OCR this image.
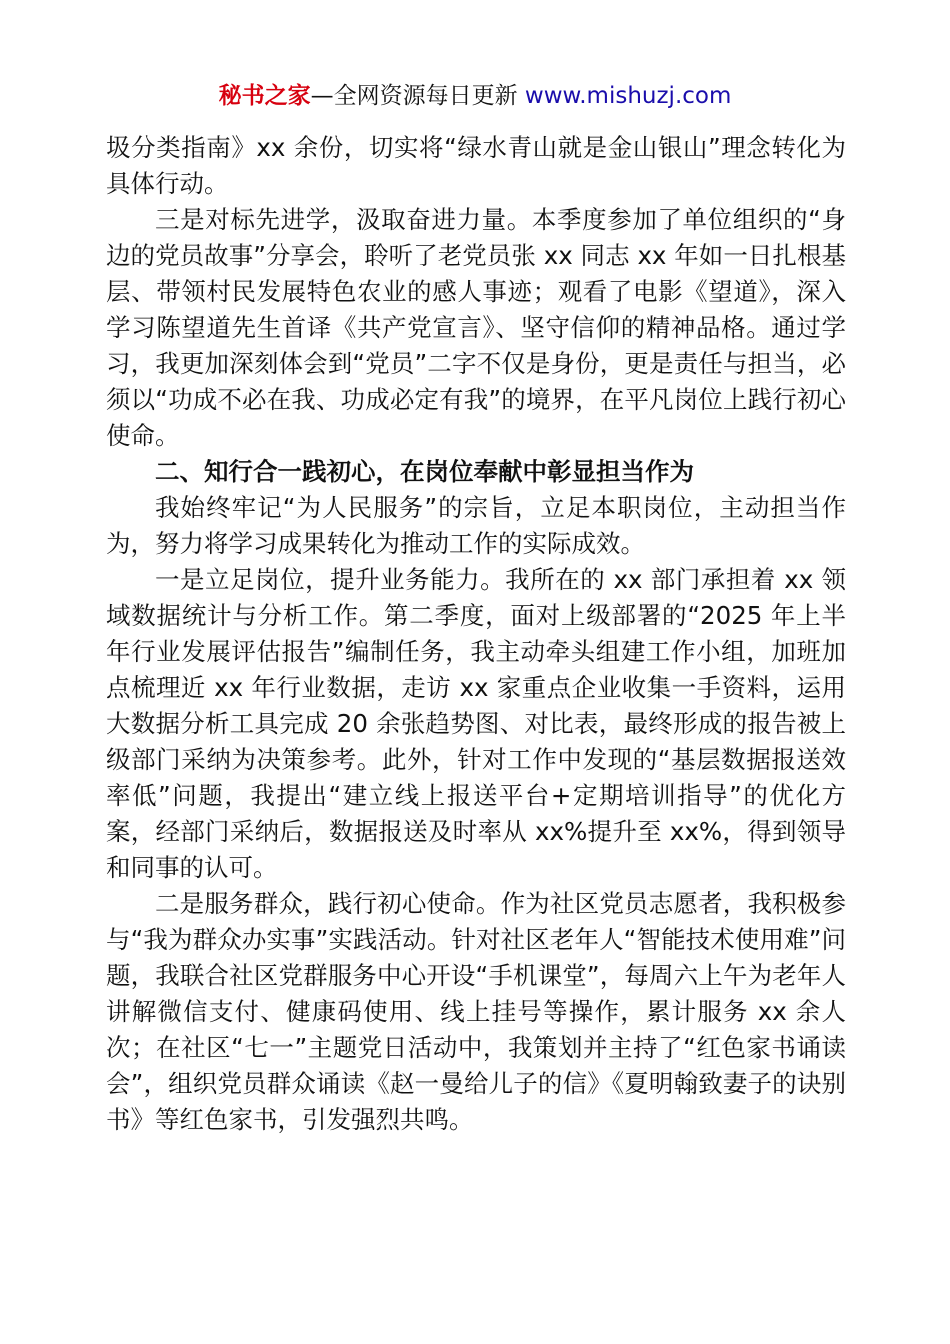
秘书之家—全网资源每日更新 www.mishuzj.com

圾分类指南》xx 余份，切实将“绿水青山就是金山银山”理念转化为具体行动。

三是对标先进学，汲取奋进力量。本季度参加了单位组织的“身边的党员故事”分享会，聆听了老党员张 xx 同志 xx 年如一日扎根基层、带领村民发展特色农业的感人事迹；观看了电影《望道》，深入学习陈望道先生首译《共产党宣言》、坚守信仰的精神品格。通过学习，我更加深刻体会到“党员”二字不仅是身份，更是责任与担当，必须以“功成不必在我、功成必定有我”的境界，在平凡岗位上践行初心使命。

二、知行合一践初心，在岗位奉献中彰显担当作为

我始终牢记“为人民服务”的宗旨，立足本职岗位，主动担当作为，努力将学习成果转化为推动工作的实际成效。

一是立足岗位，提升业务能力。我所在的 xx 部门承担着 xx 领域数据统计与分析工作。第二季度，面对上级部署的“2025 年上半年行业发展评估报告”编制任务，我主动牵头组建工作小组，加班加点梳理近 xx 年行业数据，走访 xx 家重点企业收集一手资料，运用大数据分析工具完成 20 余张趋势图、对比表，最终形成的报告被上级部门采纳为决策参考。此外，针对工作中发现的“基层数据报送效率低”问题，我提出“建立线上报送平台+定期培训指导”的优化方案，经部门采纳后，数据报送及时率从 xx%提升至 xx%，得到领导和同事的认可。

二是服务群众，践行初心使命。作为社区党员志愿者，我积极参与“我为群众办实事”实践活动。针对社区老年人“智能技术使用难”问题，我联合社区党群服务中心开设“手机课堂”，每周六上午为老年人讲解微信支付、健康码使用、线上挂号等操作，累计服务 xx 余人次；在社区“七一”主题党日活动中，我策划并主持了“红色家书诵读会”，组织党员群众诵读《赵一曼给儿子的信》《夏明翰致妻子的诀别书》等红色家书，引发强烈共鸣。
